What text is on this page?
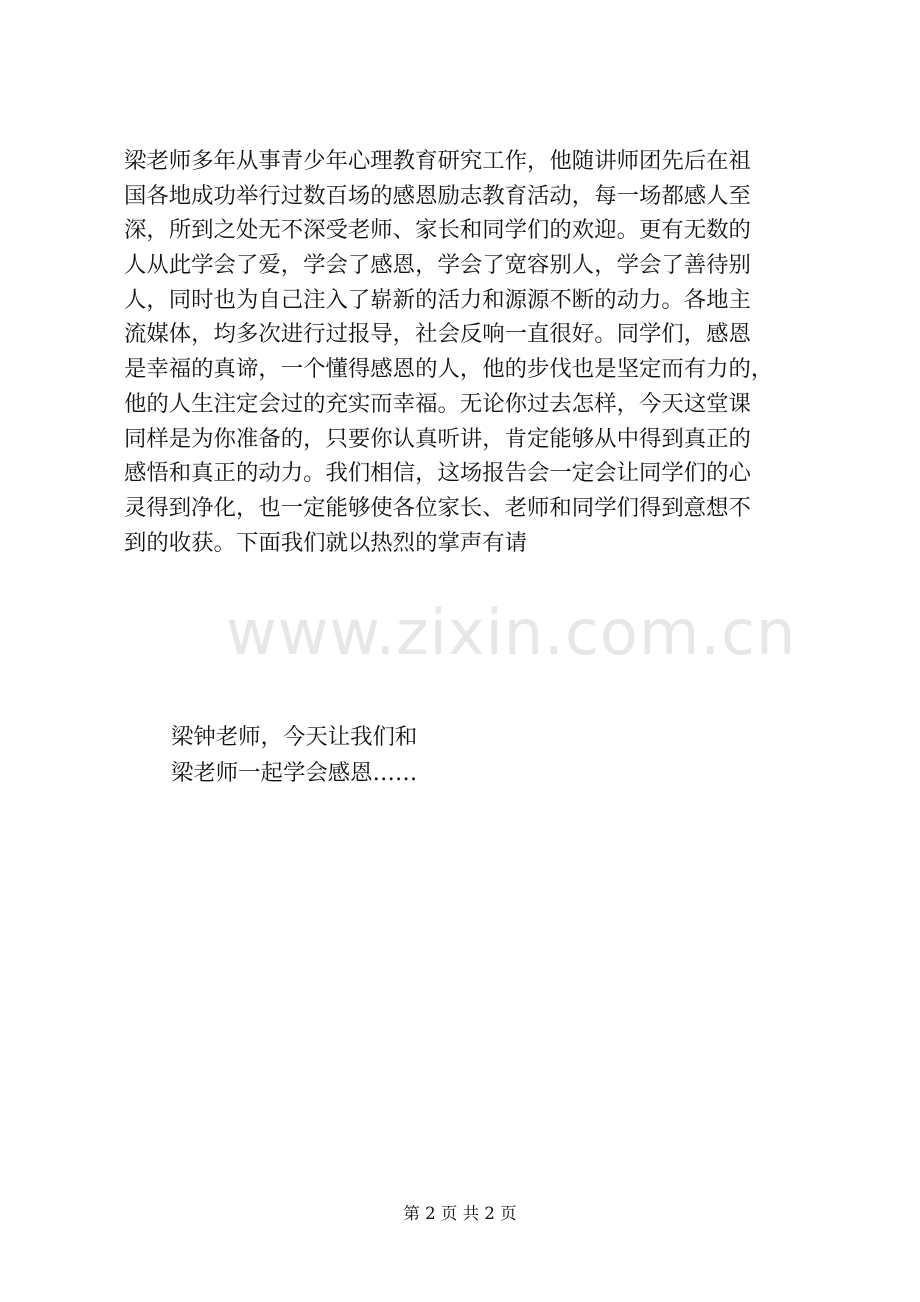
www.zixin.com.cn
梁老师多年从事青少年心理教育研究工作，他随讲师团先后在祖
国各地成功举行过数百场的感恩励志教育活动，每一场都感人至
深，所到之处无不深受老师、家长和同学们的欢迎。更有无数的
人从此学会了爱，学会了感恩，学会了宽容别人，学会了善待别
人，同时也为自己注入了崭新的活力和源源不断的动力。各地主
流媒体，均多次进行过报导，社会反响一直很好。同学们，感恩
是幸福的真谛，一个懂得感恩的人，他的步伐也是坚定而有力的，
他的人生注定会过的充实而幸福。无论你过去怎样，今天这堂课
同样是为你准备的，只要你认真听讲，肯定能够从中得到真正的
感悟和真正的动力。我们相信，这场报告会一定会让同学们的心
灵得到净化，也一定能够使各位家长、老师和同学们得到意想不
到的收获。下面我们就以热烈的掌声有请
梁钟老师，今天让我们和
梁老师一起学会感恩……
第 2 页 共 2 页
